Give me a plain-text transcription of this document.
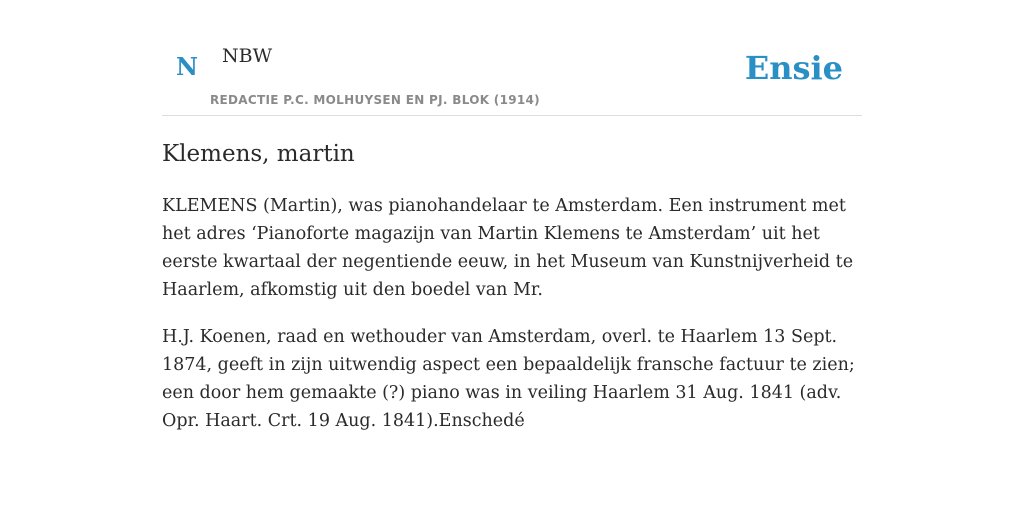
N NBW
REDACTIE P.C. MOLHUYSEN EN PJ. BLOK (1914)
Ensie
Klemens, martin

KLEMENS (Martin), was pianohandelaar te Amsterdam. Een instrument met het adres ‘Pianoforte magazijn van Martin Klemens te Amsterdam’ uit het eerste kwartaal der negentiende eeuw, in het Museum van Kunstnijverheid te Haarlem, afkomstig uit den boedel van Mr.

H.J. Koenen, raad en wethouder van Amsterdam, overl. te Haarlem 13 Sept. 1874, geeft in zijn uitwendig aspect een bepaaldelijk fransche factuur te zien; een door hem gemaakte (?) piano was in veiling Haarlem 31 Aug. 1841 (adv. Opr. Haart. Crt. 19 Aug. 1841).Enschedé
